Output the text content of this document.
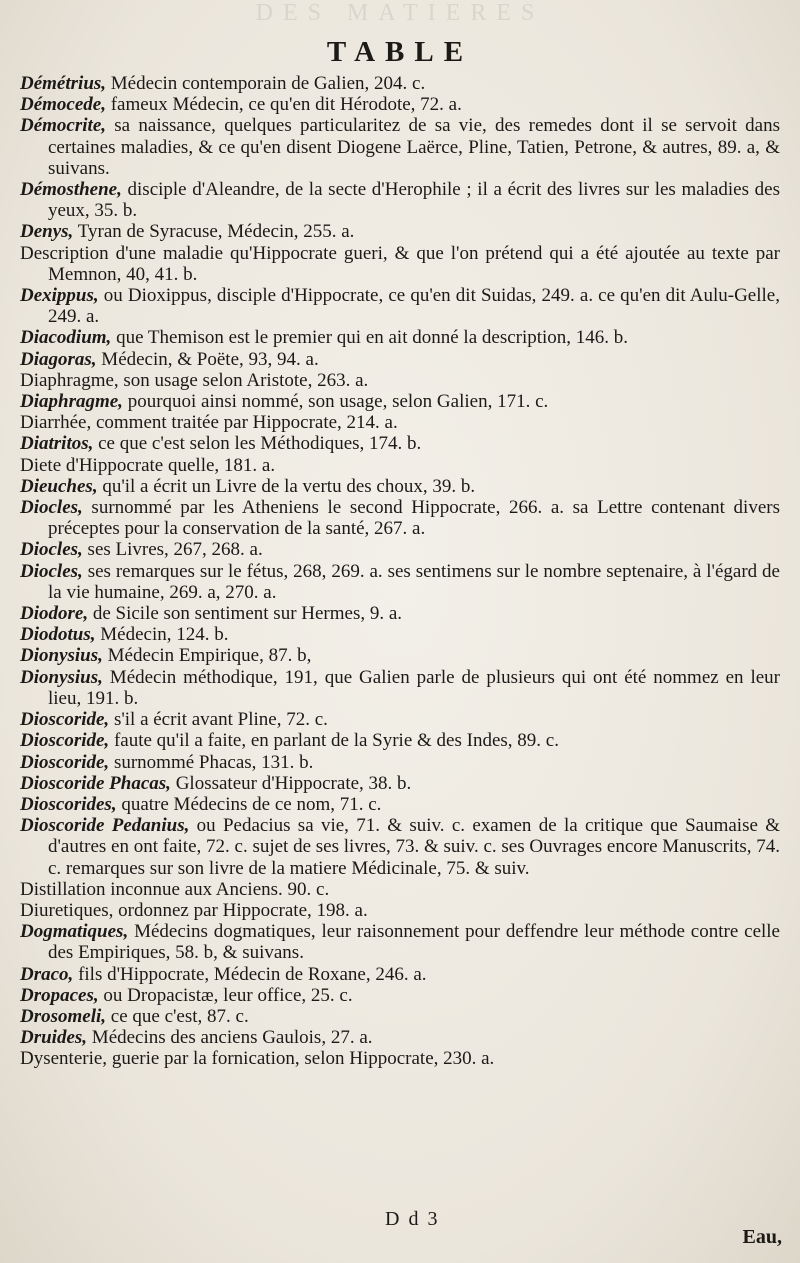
DES MATIERES
TABLE
Démétrius, Médecin contemporain de Galien, 204. c.
Démocede, fameux Médecin, ce qu'en dit Hérodote, 72. a.
Démocrite, sa naissance, quelques particularitez de sa vie, des remedes dont il se servoit dans certaines maladies, & ce qu'en disent Diogene Laërce, Pline, Tatien, Petrone, & autres, 89. a, & suivans.
Démosthene, disciple d'Aleandre, de la secte d'Herophile ; il a écrit des livres sur les maladies des yeux, 35. b.
Denys, Tyran de Syracuse, Médecin, 255. a.
Description d'une maladie qu'Hippocrate gueri, & que l'on prétend qui a été ajoutée au texte par Memnon, 40, 41. b.
Dexippus, ou Dioxippus, disciple d'Hippocrate, ce qu'en dit Suidas, 249. a. ce qu'en dit Aulu-Gelle, 249. a.
Diacodium, que Themison est le premier qui en ait donné la description, 146. b.
Diagoras, Médecin, & Poëte, 93, 94. a.
Diaphragme, son usage selon Aristote, 263. a.
Diaphragme, pourquoi ainsi nommé, son usage, selon Galien, 171. c.
Diarrhée, comment traitée par Hippocrate, 214. a.
Diatritos, ce que c'est selon les Méthodiques, 174. b.
Diete d'Hippocrate quelle, 181. a.
Dieuches, qu'il a écrit un Livre de la vertu des choux, 39. b.
Diocles, surnommé par les Atheniens le second Hippocrate, 266. a. sa Lettre contenant divers préceptes pour la conservation de la santé, 267. a.
Diocles, ses Livres, 267, 268. a.
Diocles, ses remarques sur le fétus, 268, 269. a. ses sentimens sur le nombre septenaire, à l'égard de la vie humaine, 269. a, 270. a.
Diodore, de Sicile son sentiment sur Hermes, 9. a.
Diodotus, Médecin, 124. b.
Dionysius, Médecin Empirique, 87. b,
Dionysius, Médecin méthodique, 191, que Galien parle de plusieurs qui ont été nommez en leur lieu, 191. b.
Dioscoride, s'il a écrit avant Pline, 72. c.
Dioscoride, faute qu'il a faite, en parlant de la Syrie & des Indes, 89. c.
Dioscoride, surnommé Phacas, 131. b.
Dioscoride Phacas, Glossateur d'Hippocrate, 38. b.
Dioscorides, quatre Médecins de ce nom, 71. c.
Dioscoride Pedanius, ou Pedacius sa vie, 71. & suiv. c. examen de la critique que Saumaise & d'autres en ont faite, 72. c. sujet de ses livres, 73. & suiv. c. ses Ouvrages encore Manuscrits, 74. c. remarques sur son livre de la matiere Médicinale, 75. & suiv.
Distillation inconnue aux Anciens. 90. c.
Diuretiques, ordonnez par Hippocrate, 198. a.
Dogmatiques, Médecins dogmatiques, leur raisonnement pour deffendre leur méthode contre celle des Empiriques, 58. b, & suivans.
Draco, fils d'Hippocrate, Médecin de Roxane, 246. a.
Dropaces, ou Dropacistæ, leur office, 25. c.
Drosomeli, ce que c'est, 87. c.
Druides, Médecins des anciens Gaulois, 27. a.
Dysenterie, guerie par la fornication, selon Hippocrate, 230. a.
D d 3
Eau,
